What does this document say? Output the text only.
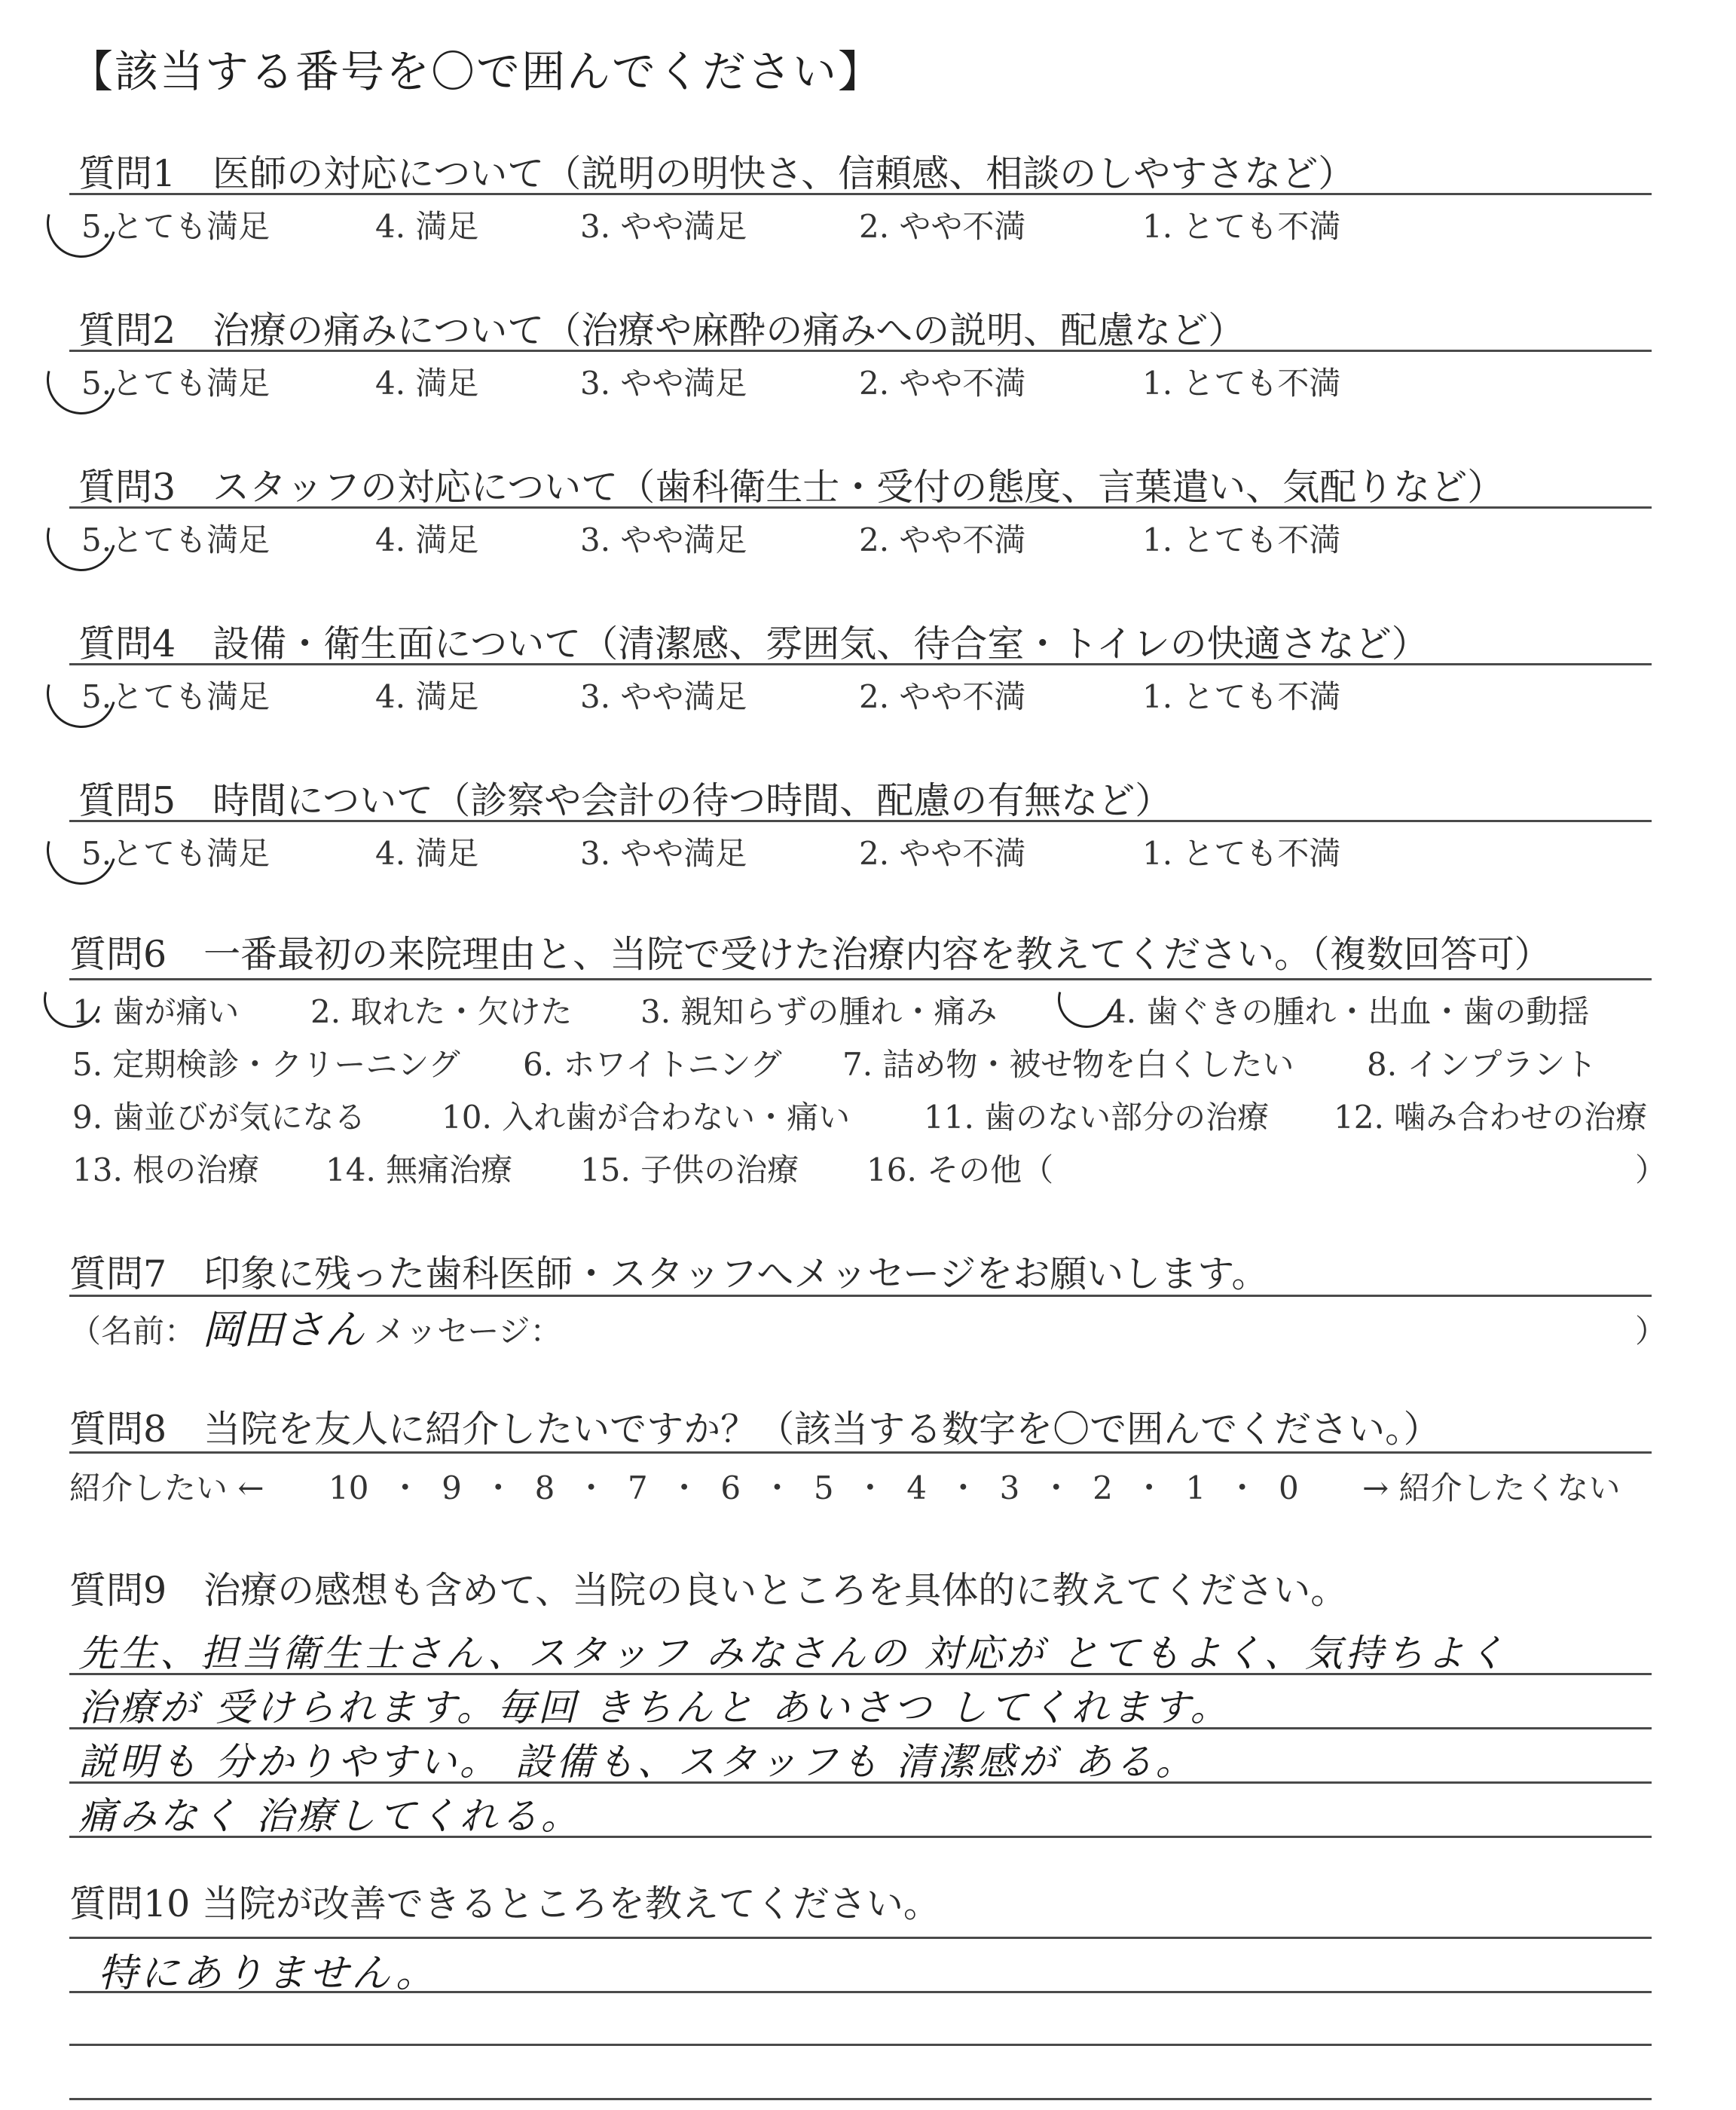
【該当する番号を〇で囲んでください】
質問1　医師の対応について（説明の明快さ、信頼感、相談のしやすさなど）
5.とても満足	4. 満足	3. やや満足	2. やや不満	1. とても不満
質問2　治療の痛みについて（治療や麻酔の痛みへの説明、配慮など）
5.とても満足	4. 満足	3. やや満足	2. やや不満	1. とても不満
質問3　スタッフの対応について（歯科衛生士・受付の態度、言葉遣い、気配りなど）
5.とても満足	4. 満足	3. やや満足	2. やや不満	1. とても不満
質問4　設備・衛生面について（清潔感、雰囲気、待合室・トイレの快適さなど）
5.とても満足	4. 満足	3. やや満足	2. やや不満	1. とても不満
質問5　時間について（診察や会計の待つ時間、配慮の有無など）
5.とても満足	4. 満足	3. やや満足	2. やや不満	1. とても不満
質問6　一番最初の来院理由と、当院で受けた治療内容を教えてください。（複数回答可）
1. 歯が痛い 2. 取れた・欠けた 3. 親知らずの腫れ・痛み	4. 歯ぐきの腫れ・出血・歯の動揺
5. 定期検診・クリーニング 6. ホワイトニング 7. 詰め物・被せ物を白くしたい 8. インプラント
9. 歯並びが気になる 10. 入れ歯が合わない・痛い 11. 歯のない部分の治療 12. 噛み合わせの治療
13. 根の治療 14. 無痛治療 15. 子供の治療 16. その他（	）
質問7　印象に残った歯科医師・スタッフへメッセージをお願いします。
（名前： 岡田さん メッセージ：	）
質問8　当院を友人に紹介したいですか？（該当する数字を〇で囲んでください。）
紹介したい ← 10 ・ 9 ・ 8 ・ 7 ・ 6 ・ 5 ・ 4 ・ 3 ・ 2 ・ 1 ・ 0 → 紹介したくない
質問9　治療の感想も含めて、当院の良いところを具体的に教えてください。
先生、担当衛生士さん、スタッフ みなさんの 対応が とてもよく、気持ちよく
治療が 受けられます。毎回 きちんと あいさつ してくれます。
説明も 分かりやすい。 設備も、スタッフも 清潔感が ある。
痛みなく 治療してくれる。
質問10 当院が改善できるところを教えてください。
特にありません。
